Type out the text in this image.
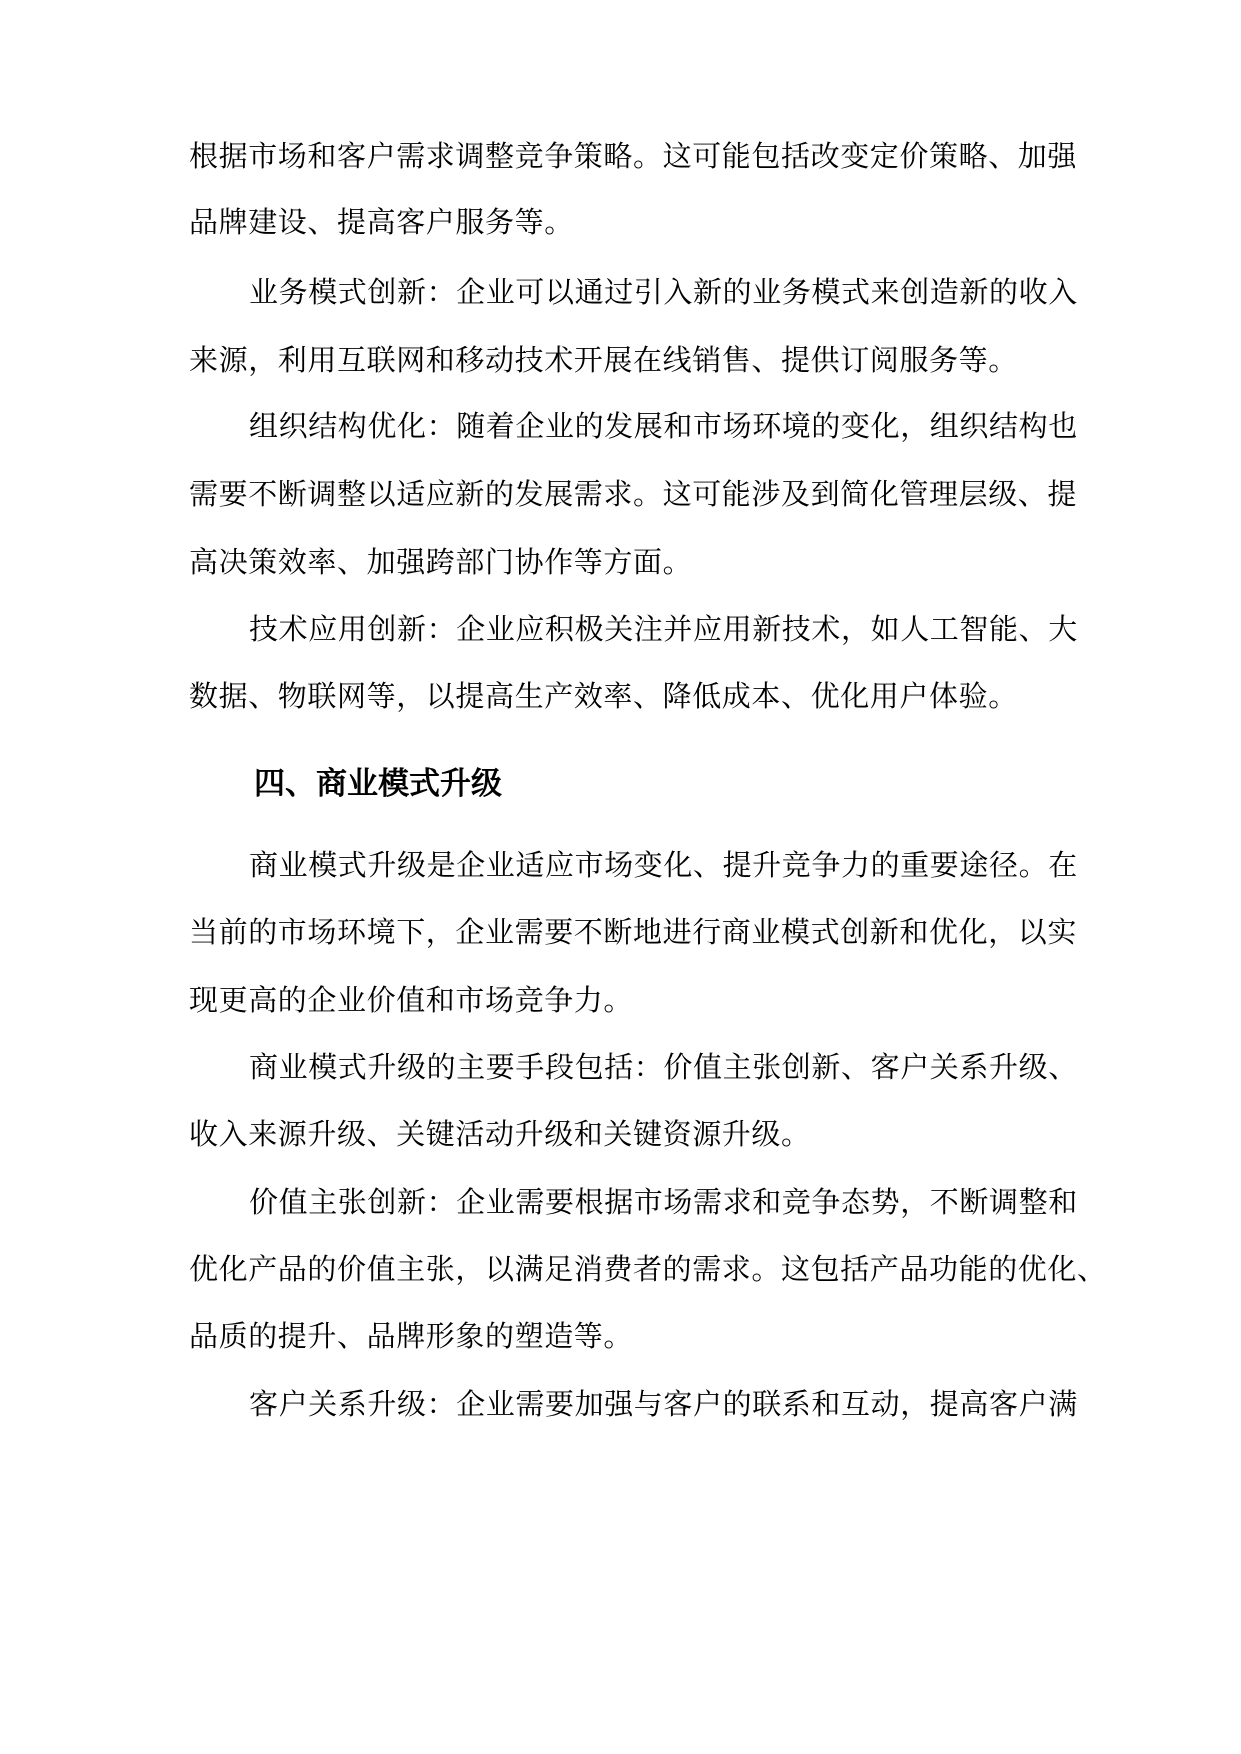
根据市场和客户需求调整竞争策略。这可能包括改变定价策略、加强
品牌建设、提高客户服务等。
业务模式创新：企业可以通过引入新的业务模式来创造新的收入
来源，利用互联网和移动技术开展在线销售、提供订阅服务等。
组织结构优化：随着企业的发展和市场环境的变化，组织结构也
需要不断调整以适应新的发展需求。这可能涉及到简化管理层级、提
高决策效率、加强跨部门协作等方面。
技术应用创新：企业应积极关注并应用新技术，如人工智能、大
数据、物联网等，以提高生产效率、降低成本、优化用户体验。
四、商业模式升级
商业模式升级是企业适应市场变化、提升竞争力的重要途径。在
当前的市场环境下，企业需要不断地进行商业模式创新和优化，以实
现更高的企业价值和市场竞争力。
商业模式升级的主要手段包括：价值主张创新、客户关系升级、
收入来源升级、关键活动升级和关键资源升级。
价值主张创新：企业需要根据市场需求和竞争态势，不断调整和
优化产品的价值主张，以满足消费者的需求。这包括产品功能的优化、
品质的提升、品牌形象的塑造等。
客户关系升级：企业需要加强与客户的联系和互动，提高客户满
